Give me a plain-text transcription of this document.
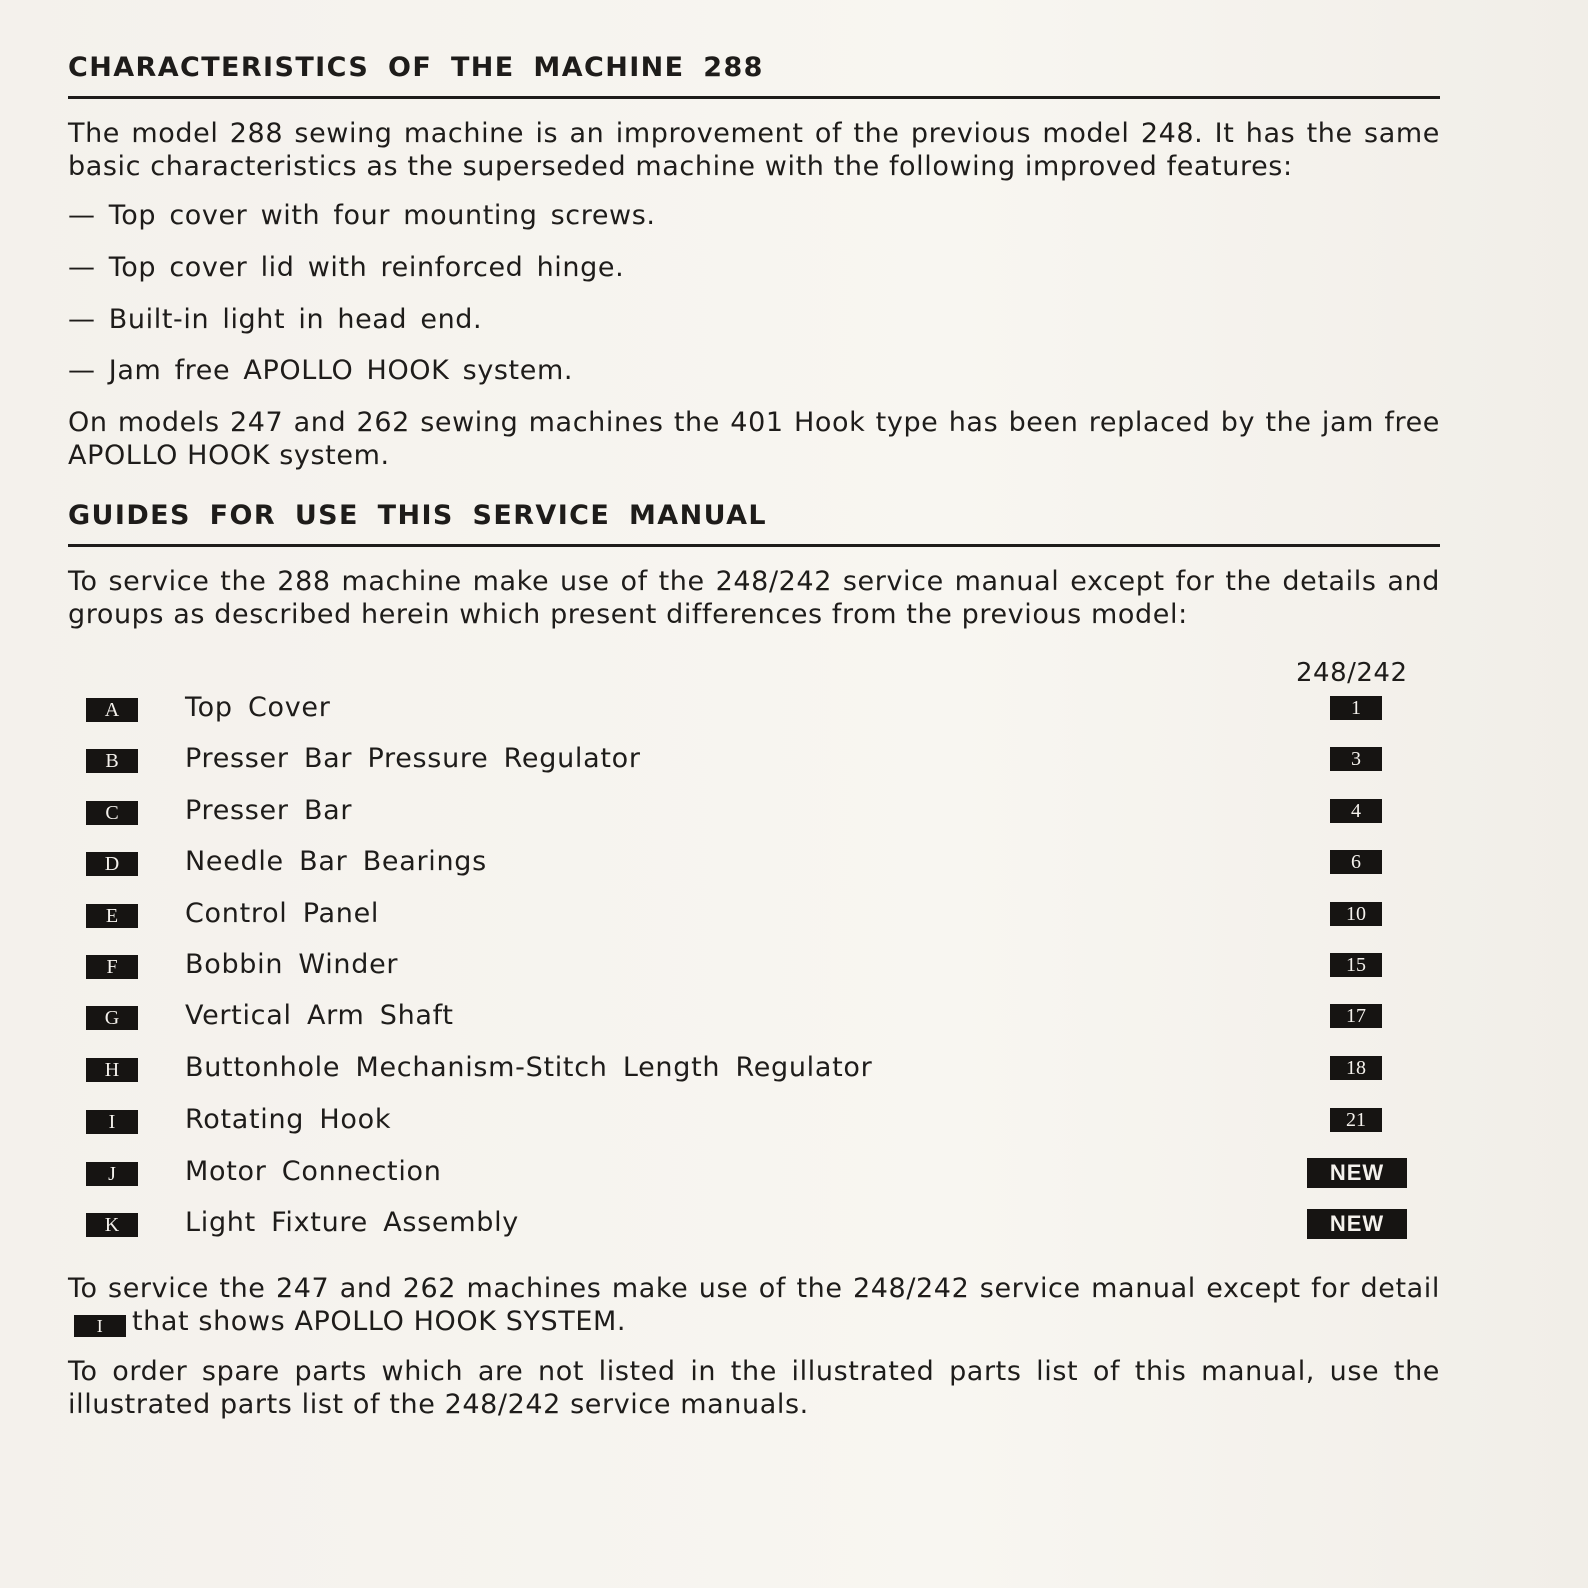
CHARACTERISTICS OF THE MACHINE 288

The model 288 sewing machine is an improvement of the previous model 248. It has the same basic characteristics as the superseded machine with the following improved features:

— Top cover with four mounting screws.

— Top cover lid with reinforced hinge.

— Built-in light in head end.

— Jam free APOLLO HOOK system.

On models 247 and 262 sewing machines the 401 Hook type has been replaced by the jam free APOLLO HOOK system.

GUIDES FOR USE THIS SERVICE MANUAL

To service the 288 machine make use of the 248/242 service manual except for the details and groups as described herein which present differences from the previous model:

248/242
A	Top Cover	1
B	Presser Bar Pressure Regulator	3
C	Presser Bar	4
D	Needle Bar Bearings	6
E	Control Panel	10
F	Bobbin Winder	15
G	Vertical Arm Shaft	17
H	Buttonhole Mechanism-Stitch Length Regulator	18
I	Rotating Hook	21
J	Motor Connection	NEW
K	Light Fixture Assembly	NEW

To service the 247 and 262 machines make use of the 248/242 service manual except for detailI that shows APOLLO HOOK SYSTEM.

To order spare parts which are not listed in the illustrated parts list of this manual, use the illustrated parts list of the 248/242 service manuals.
